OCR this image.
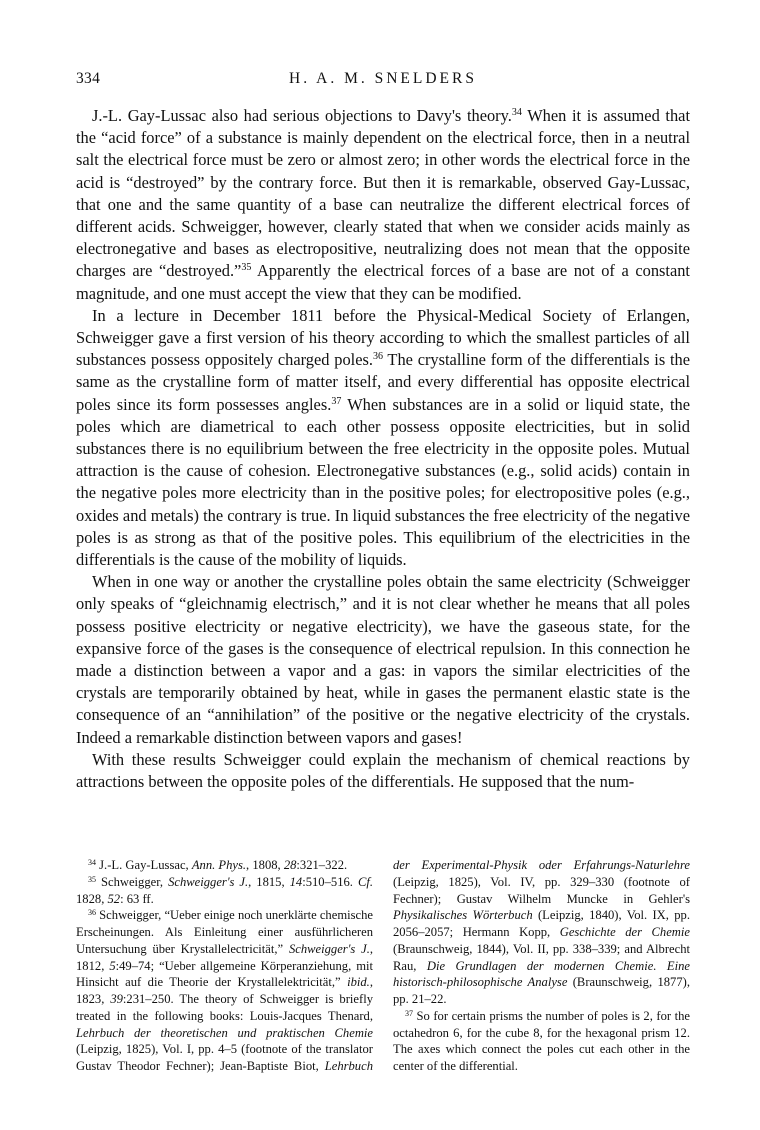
334	H. A. M. SNELDERS

J.-L. Gay-Lussac also had serious objections to Davy's theory.$^{34}$ When it is assumed that the “acid force” of a substance is mainly dependent on the electrical force, then in a neutral salt the electrical force must be zero or almost zero; in other words the electrical force in the acid is “destroyed” by the contrary force. But then it is remarkable, observed Gay-Lussac, that one and the same quantity of a base can neutralize the different electrical forces of different acids. Schweigger, however, clearly stated that when we consider acids mainly as electronegative and bases as electropositive, neutralizing does not mean that the opposite charges are “destroyed.”$^{35}$ Apparently the electrical forces of a base are not of a constant magnitude, and one must accept the view that they can be modified.

In a lecture in December 1811 before the Physical-Medical Society of Erlangen, Schweigger gave a first version of his theory according to which the smallest particles of all substances possess oppositely charged poles.$^{36}$ The crystalline form of the differentials is the same as the crystalline form of matter itself, and every differential has opposite electrical poles since its form possesses angles.$^{37}$ When substances are in a solid or liquid state, the poles which are diametrical to each other possess opposite electricities, but in solid substances there is no equilibrium between the free electricity in the opposite poles. Mutual attraction is the cause of cohesion. Electronegative substances (e.g., solid acids) contain in the negative poles more electricity than in the positive poles; for electropositive poles (e.g., oxides and metals) the contrary is true. In liquid substances the free electricity of the negative poles is as strong as that of the positive poles. This equilibrium of the electricities in the differentials is the cause of the mobility of liquids.

When in one way or another the crystalline poles obtain the same electricity (Schweigger only speaks of “gleichnamig electrisch,” and it is not clear whether he means that all poles possess positive electricity or negative electricity), we have the gaseous state, for the expansive force of the gases is the consequence of electrical repulsion. In this connection he made a distinction between a vapor and a gas: in vapors the similar electricities of the crystals are temporarily obtained by heat, while in gases the permanent elastic state is the consequence of an “annihilation” of the positive or the negative electricity of the crystals. Indeed a remarkable distinction between vapors and gases!

With these results Schweigger could explain the mechanism of chemical reactions by attractions between the opposite poles of the differentials. He supposed that the num-

$^{34}$ J.-L. Gay-Lussac, Ann. Phys., 1808, 28:321–322.

$^{35}$ Schweigger, Schweigger's J., 1815, 14:510–516. Cf. 1828, 52: 63 ff.

$^{36}$ Schweigger, “Ueber einige noch unerklärte chemische Erscheinungen. Als Einleitung einer ausführlicheren Untersuchung über Krystallelectricität,” Schweigger's J., 1812, 5:49–74; “Ueber allgemeine Körperanziehung, mit Hinsicht auf die Theorie der Krystallelektricität,” ibid., 1823, 39:231–250. The theory of Schweigger is briefly treated in the following books: Louis-Jacques Thenard, Lehrbuch der theoretischen und praktischen Chemie (Leipzig, 1825), Vol. I, pp. 4–5 (footnote of the translator Gustav Theodor Fechner); Jean-Baptiste Biot, Lehrbuch der Experimental-Physik oder Erfahrungs-Naturlehre (Leipzig, 1825), Vol. IV, pp. 329–330 (footnote of Fechner); Gustav Wilhelm Muncke in Gehler's Physikalisches Wörterbuch (Leipzig, 1840), Vol. IX, pp. 2056–2057; Hermann Kopp, Geschichte der Chemie (Braunschweig, 1844), Vol. II, pp. 338–339; and Albrecht Rau, Die Grundlagen der modernen Chemie. Eine historisch-philosophische Analyse (Braunschweig, 1877), pp. 21–22.

$^{37}$ So for certain prisms the number of poles is 2, for the octahedron 6, for the cube 8, for the hexagonal prism 12. The axes which connect the poles cut each other in the center of the differential.
